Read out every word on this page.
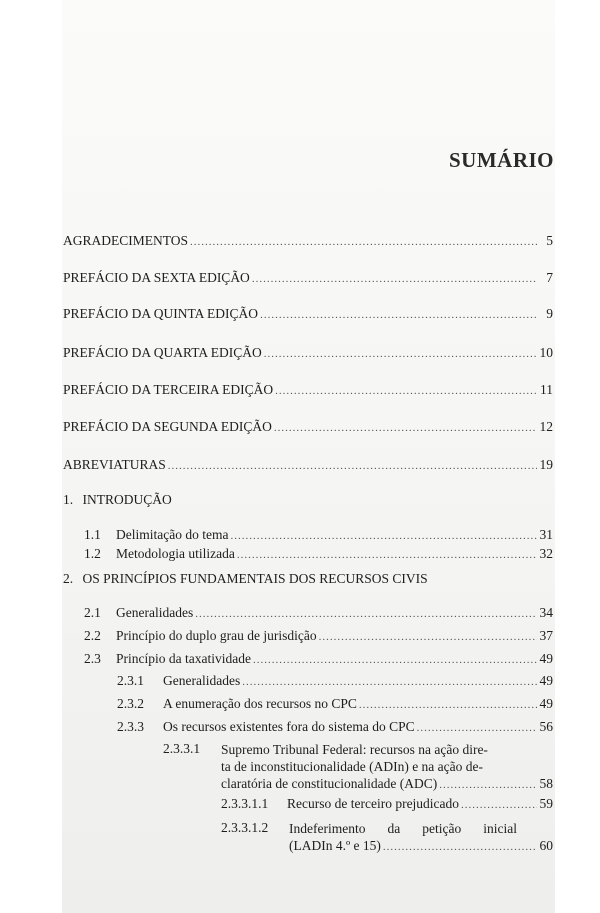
SUMÁRIO
AGRADECIMENTOS .....	5
PREFÁCIO DA SEXTA EDIÇÃO .....	7
PREFÁCIO DA QUINTA EDIÇÃO .....	9
PREFÁCIO DA QUARTA EDIÇÃO .....	10
PREFÁCIO DA TERCEIRA EDIÇÃO .....	11
PREFÁCIO DA SEGUNDA EDIÇÃO .....	12
ABREVIATURAS .....	19
1. INTRODUÇÃO
1.1	Delimitação do tema .....	31
1.2	Metodologia utilizada .....	32
2. OS PRINCÍPIOS FUNDAMENTAIS DOS RECURSOS CIVIS
2.1	Generalidades .....	34
2.2	Princípio do duplo grau de jurisdição .....	37
2.3	Princípio da taxatividade .....	49
2.3.1	Generalidades .....	49
2.3.2	A enumeração dos recursos no CPC .....	49
2.3.3	Os recursos existentes fora do sistema do CPC .....	56
2.3.3.1 Supremo Tribunal Federal: recursos na ação dire-
ta de inconstitucionalidade (ADIn) e na ação de-
claratória de constitucionalidade (ADC) .....	58
2.3.3.1.1	Recurso de terceiro prejudicado .....	59
2.3.3.1.2 Indeferimento da petição inicial
(LADIn 4.º e 15) .....	60
